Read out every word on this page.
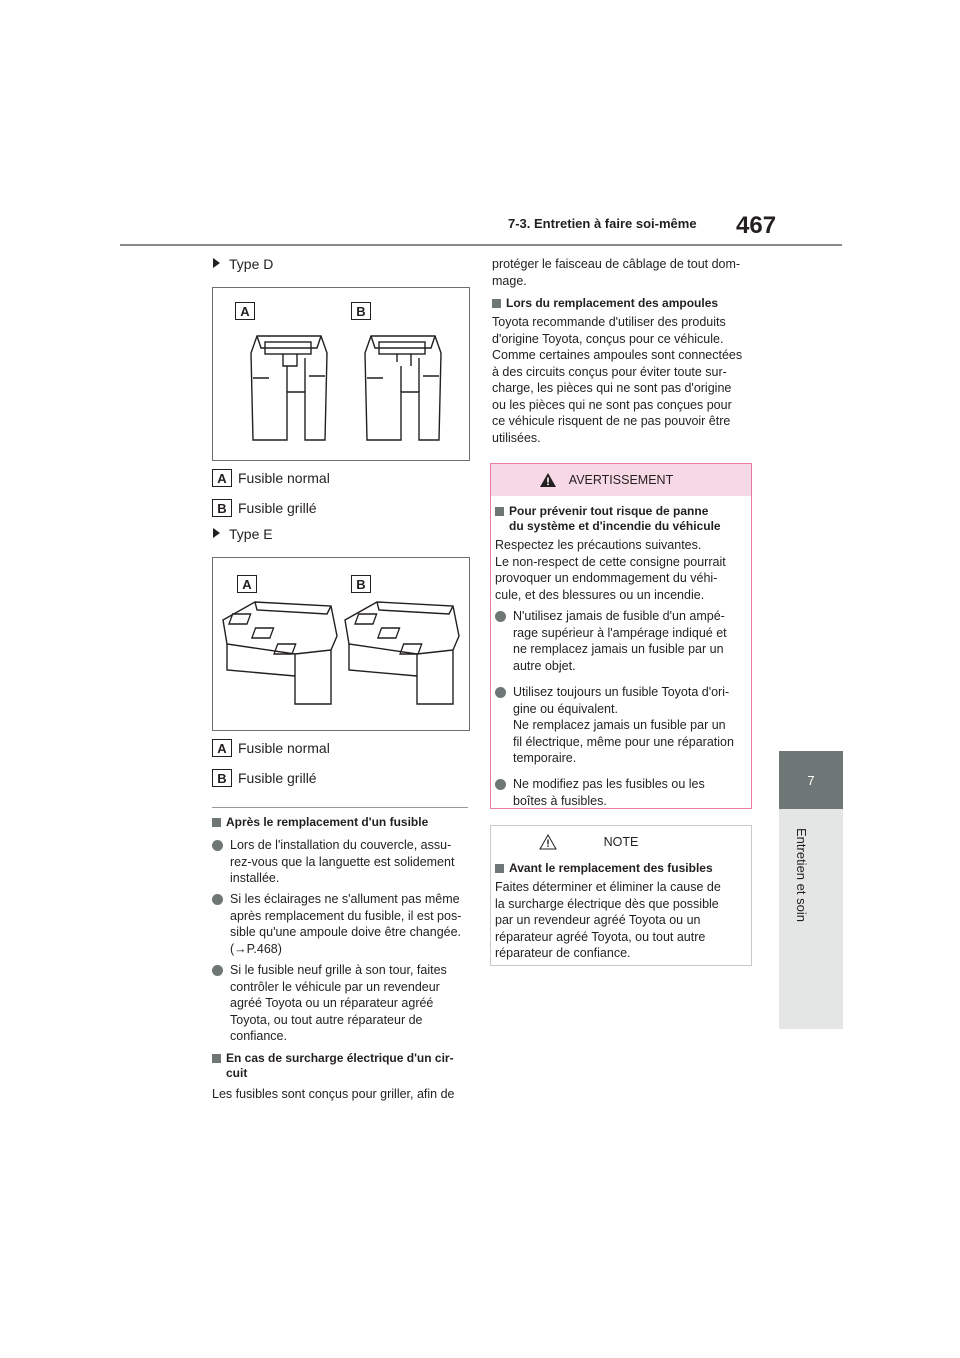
7-3. Entretien à faire soi-même 467
7
Entretien et soin
Type D
A	B
A Fusible normal
B Fusible grillé
Type E
A	B
A Fusible normal
B Fusible grillé
Après le remplacement d'un fusible
Lors de l'installation du couvercle, assu-
rez-vous que la languette est solidement
installée.
Si les éclairages ne s'allument pas même
après remplacement du fusible, il est pos-
sible qu'une ampoule doive être changée.
(→P.468)
Si le fusible neuf grille à son tour, faites
contrôler le véhicule par un revendeur
agréé Toyota ou un réparateur agréé
Toyota, ou tout autre réparateur de
confiance.
En cas de surcharge électrique d'un cir-
cuit
Les fusibles sont conçus pour griller, afin de
protéger le faisceau de câblage de tout dom-
mage.
Lors du remplacement des ampoules
Toyota recommande d'utiliser des produits
d'origine Toyota, conçus pour ce véhicule.
Comme certaines ampoules sont connectées
à des circuits conçus pour éviter toute sur-
charge, les pièces qui ne sont pas d'origine
ou les pièces qui ne sont pas conçues pour
ce véhicule risquent de ne pas pouvoir être
utilisées.
AVERTISSEMENT
Pour prévenir tout risque de panne
du système et d'incendie du véhicule
Respectez les précautions suivantes.
Le non-respect de cette consigne pourrait
provoquer un endommagement du véhi-
cule, et des blessures ou un incendie.
N'utilisez jamais de fusible d'un ampé-
rage supérieur à l'ampérage indiqué et
ne remplacez jamais un fusible par un
autre objet.
Utilisez toujours un fusible Toyota d'ori-
gine ou équivalent.
Ne remplacez jamais un fusible par un
fil électrique, même pour une réparation
temporaire.
Ne modifiez pas les fusibles ou les
boîtes à fusibles.
NOTE
Avant le remplacement des fusibles
Faites déterminer et éliminer la cause de
la surcharge électrique dès que possible
par un revendeur agréé Toyota ou un
réparateur agréé Toyota, ou tout autre
réparateur de confiance.
